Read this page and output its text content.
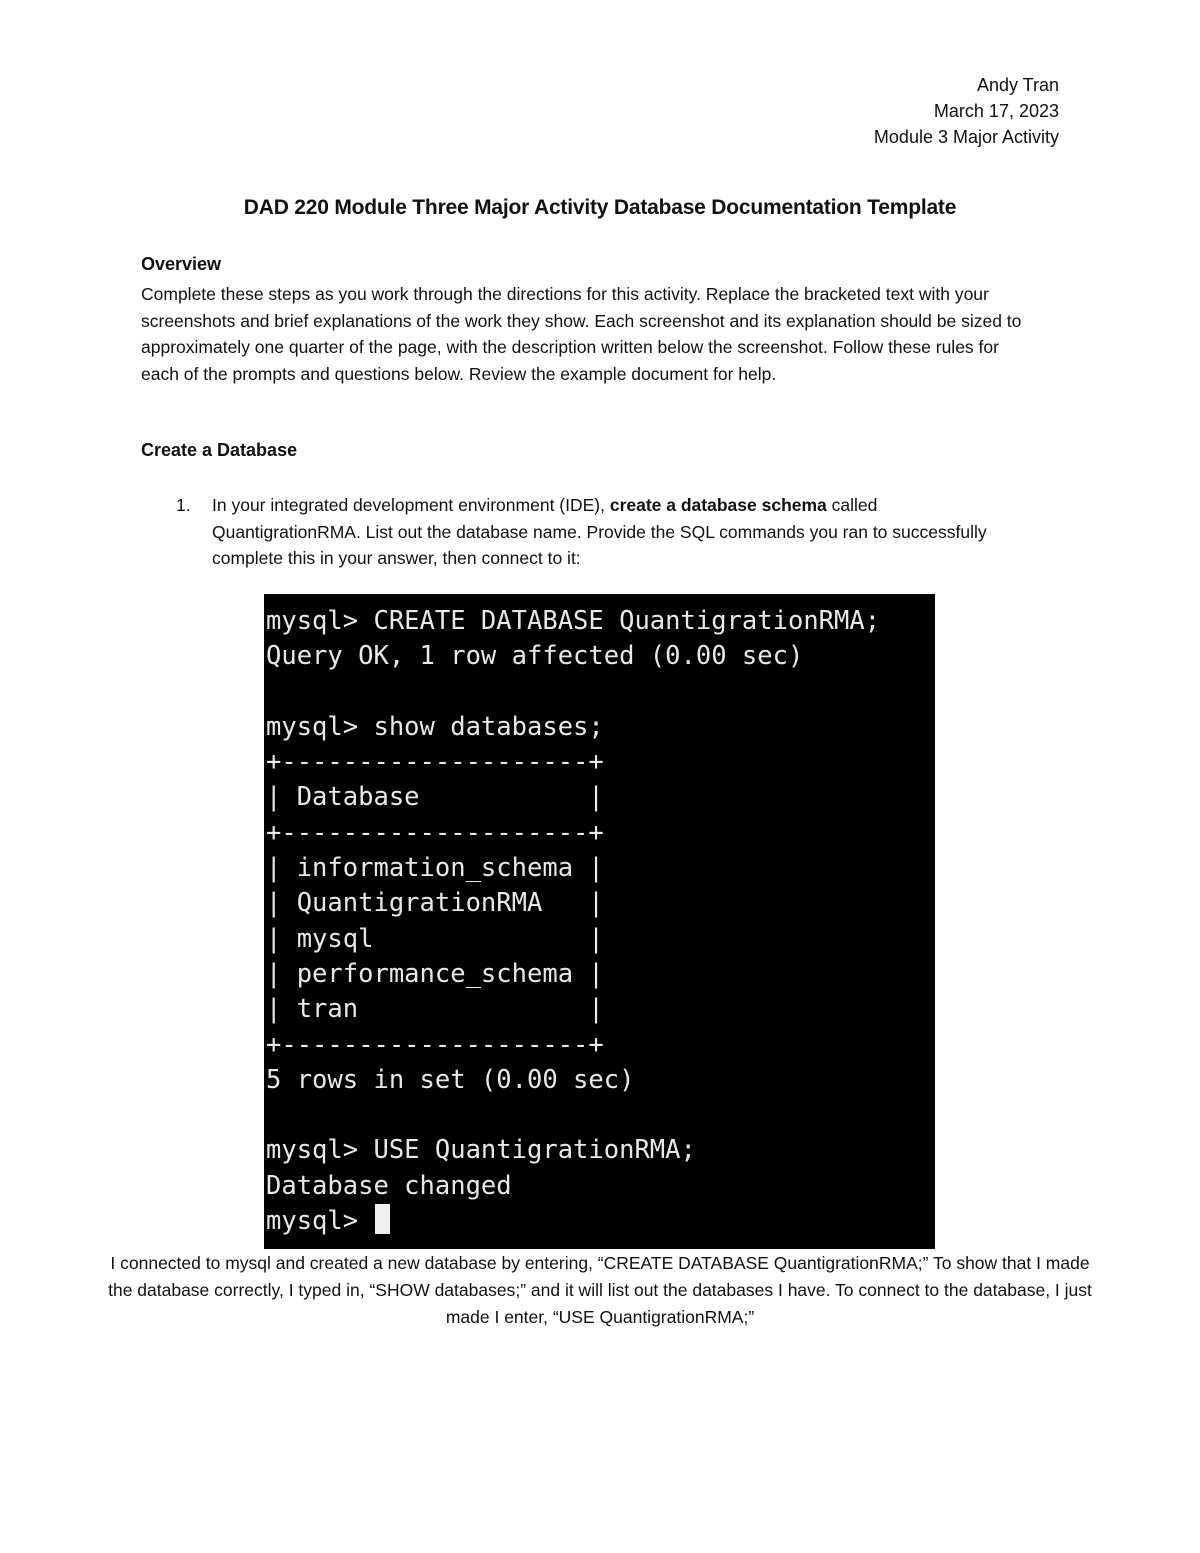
Andy Tran
March 17, 2023
Module 3 Major Activity
DAD 220 Module Three Major Activity Database Documentation Template
Overview
Complete these steps as you work through the directions for this activity. Replace the bracketed text with your screenshots and brief explanations of the work they show. Each screenshot and its explanation should be sized to approximately one quarter of the page, with the description written below the screenshot. Follow these rules for each of the prompts and questions below. Review the example document for help.
Create a Database
1. In your integrated development environment (IDE), create a database schema called QuantigrationRMA. List out the database name. Provide the SQL commands you ran to successfully complete this in your answer, then connect to it:
mysql> CREATE DATABASE QuantigrationRMA;
Query OK, 1 row affected (0.00 sec)
mysql> show databases;
+--------------------+
| Database           |
+--------------------+
| information_schema |
| QuantigrationRMA   |
| mysql              |
| performance_schema |
| tran               |
+--------------------+
5 rows in set (0.00 sec)
mysql> USE QuantigrationRMA;
Database changed
mysql>
I connected to mysql and created a new database by entering, “CREATE DATABASE QuantigrationRMA;” To show that I made the database correctly, I typed in, “SHOW databases;” and it will list out the databases I have. To connect to the database, I just made I enter, “USE QuantigrationRMA;”
